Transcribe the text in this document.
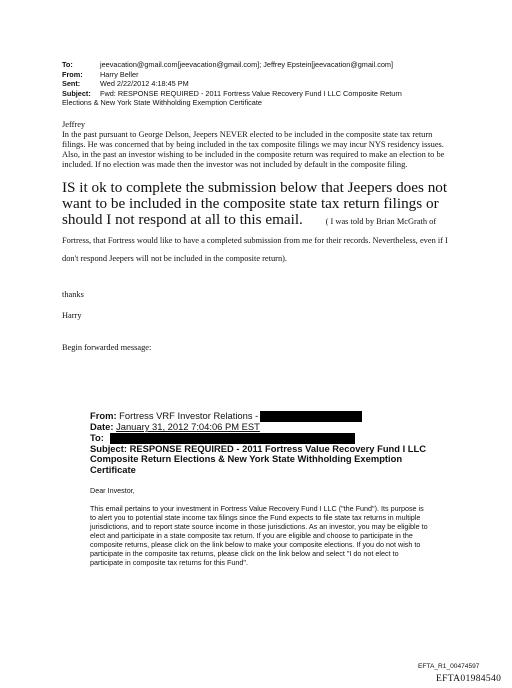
To:	jeevacation@gmail.com[jeevacation@gmail.com]; Jeffrey Epstein[jeevacation@gmail.com]
From:	Harry Beller
Sent:	Wed 2/22/2012 4:18:45 PM
Subject:	Fwd: RESPONSE REQUIRED - 2011 Fortress Value Recovery Fund I LLC Composite Return
Elections & New York State Withholding Exemption Certificate

Jeffrey

In the past pursuant to George Delson, Jeepers NEVER elected to be included in the composite state tax return filings. He was concerned that by being included in the tax composite filings we may incur NYS residency issues.

Also, in the past an investor wishing to be included in the composite return was required to make an election to be included. If no election was made then the investor was not included by default in the composite filing.

IS it ok to complete the submission below that Jeepers does not want to be included in the composite state tax return filings or should I not respond at all to this email.	( I was told by Brian McGrath of Fortress, that Fortress would like to have a completed submission from me for their records. Nevertheless, even if I don't respond Jeepers will not be included in the composite return).

thanks

Harry

Begin forwarded message:

From: Fortress VRF Investor Relations -
Date: January 31, 2012 7:04:06 PM EST
To:
Subject: RESPONSE REQUIRED - 2011 Fortress Value Recovery Fund I LLC Composite Return Elections & New York State Withholding Exemption Certificate

Dear Investor,

This email pertains to your investment in Fortress Value Recovery Fund I LLC ("the Fund"). Its purpose is to alert you to potential state income tax filings since the Fund expects to file state tax returns in multiple jurisdictions, and to report state source income in those jurisdictions. As an investor, you may be eligible to elect and participate in a state composite tax return. If you are eligible and choose to participate in the composite returns, please click on the link below to make your composite elections. If you do not wish to participate in the composite tax returns, please click on the link below and select "I do not elect to participate in composite tax returns for this Fund".

EFTA_R1_00474597
EFTA01984540
